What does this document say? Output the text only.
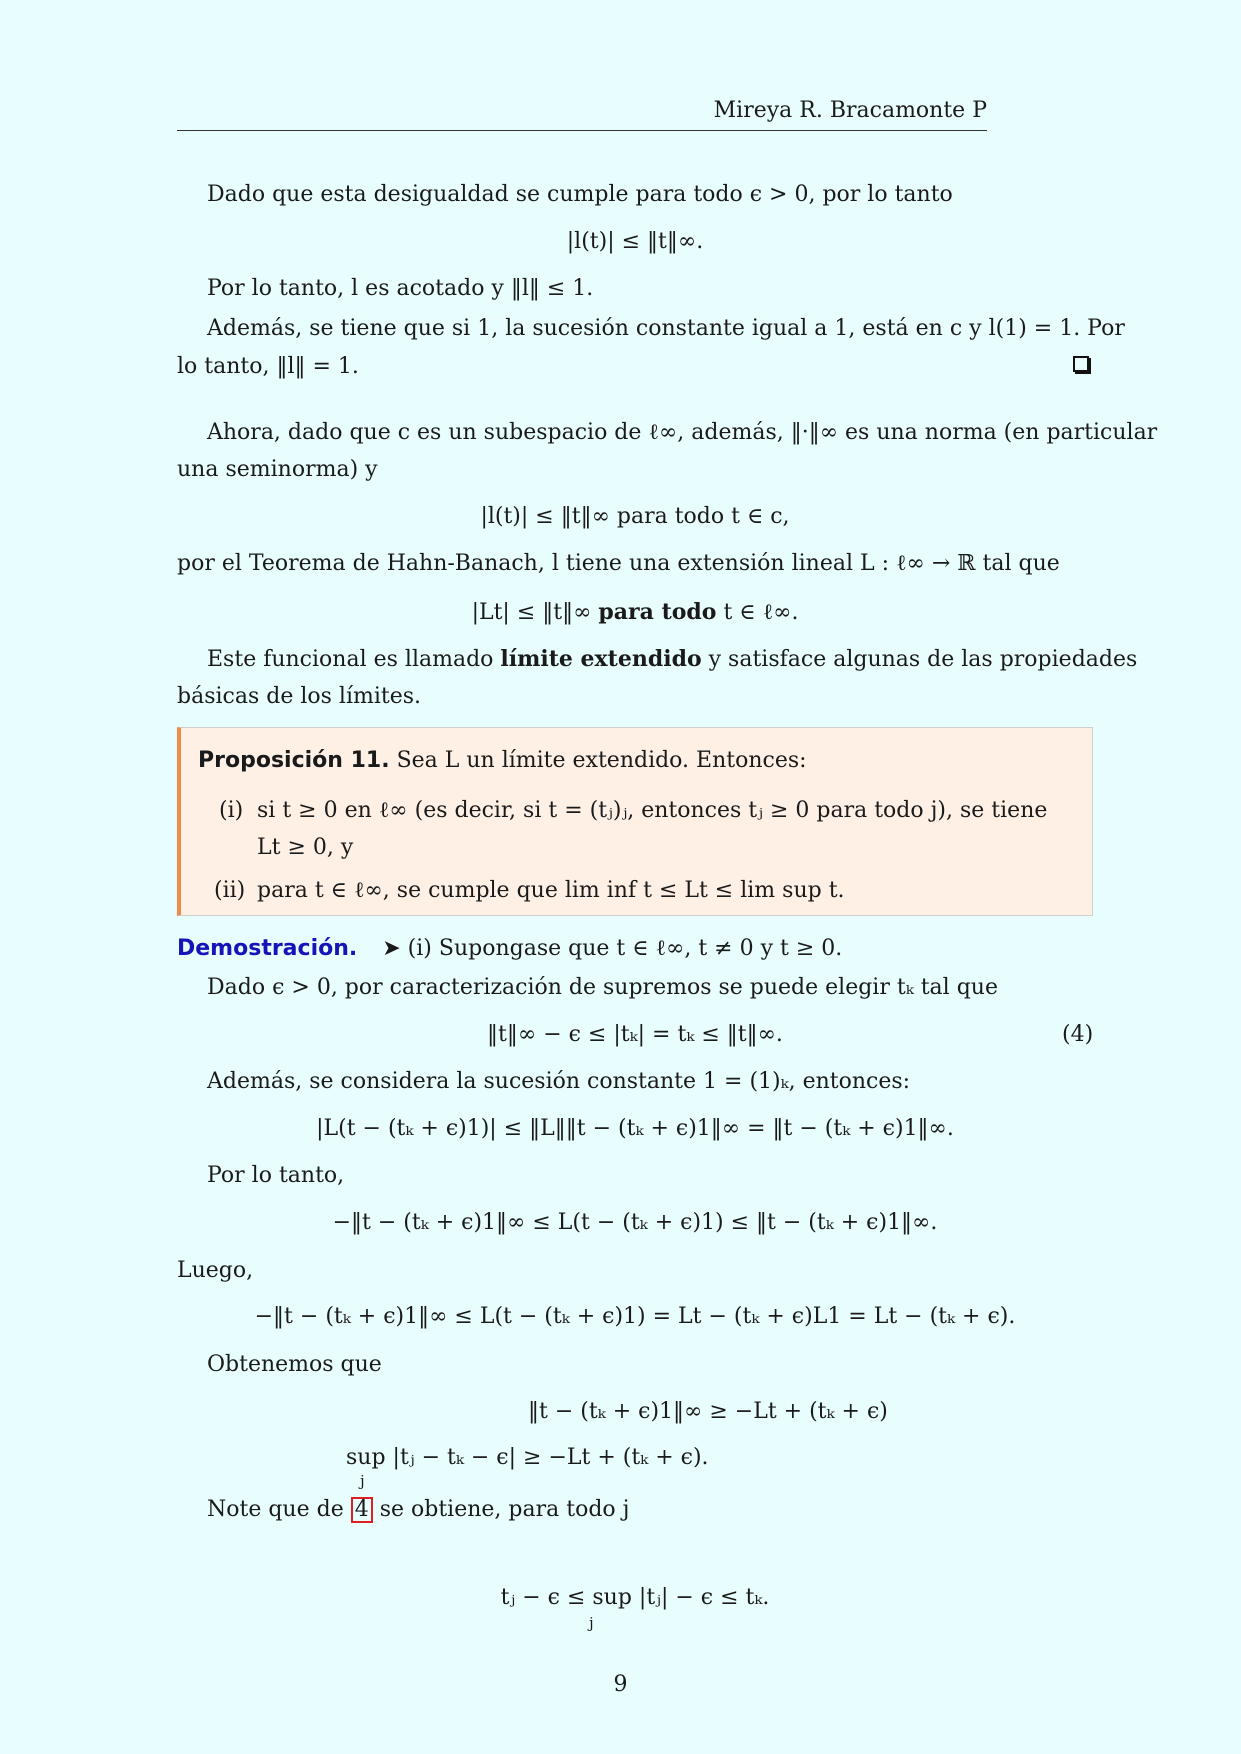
Mireya R. Bracamonte P
Dado que esta desigualdad se cumple para todo ϵ > 0, por lo tanto
|l(t)| ≤ ‖t‖∞.
Por lo tanto, l es acotado y ‖l‖ ≤ 1.
Además, se tiene que si 1, la sucesión constante igual a 1, está en c y l(1) = 1. Por
lo tanto, ‖l‖ = 1.
Ahora, dado que c es un subespacio de ℓ∞, además, ‖·‖∞ es una norma (en particular
una seminorma) y
|l(t)| ≤ ‖t‖∞ para todo t ∈ c,
por el Teorema de Hahn-Banach, l tiene una extensión lineal L : ℓ∞ → ℝ tal que
|Lt| ≤ ‖t‖∞ para todo t ∈ ℓ∞.
Este funcional es llamado límite extendido y satisface algunas de las propiedades
básicas de los límites.
Proposición 11. Sea L un límite extendido. Entonces:
(i) si t ≥ 0 en ℓ∞ (es decir, si t = (tⱼ)ⱼ, entonces tⱼ ≥ 0 para todo j), se tiene
Lt ≥ 0, y
(ii) para t ∈ ℓ∞, se cumple que lim inf t ≤ Lt ≤ lim sup t.
Demostración. ➤ (i) Supongase que t ∈ ℓ∞, t ≠ 0 y t ≥ 0.
Dado ϵ > 0, por caracterización de supremos se puede elegir tₖ tal que
‖t‖∞ − ϵ ≤ |tₖ| = tₖ ≤ ‖t‖∞.	(4)
Además, se considera la sucesión constante 1 = (1)ₖ, entonces:
|L(t − (tₖ + ϵ)1)| ≤ ‖L‖‖t − (tₖ + ϵ)1‖∞ = ‖t − (tₖ + ϵ)1‖∞.
Por lo tanto,
−‖t − (tₖ + ϵ)1‖∞ ≤ L(t − (tₖ + ϵ)1) ≤ ‖t − (tₖ + ϵ)1‖∞.
Luego,
−‖t − (tₖ + ϵ)1‖∞ ≤ L(t − (tₖ + ϵ)1) = Lt − (tₖ + ϵ)L1 = Lt − (tₖ + ϵ).
Obtenemos que
‖t − (tₖ + ϵ)1‖∞ ≥ −Lt + (tₖ + ϵ)
sup |tⱼ − tₖ − ϵ| ≥ −Lt + (tₖ + ϵ).
j
Note que de 4 se obtiene, para todo j
tⱼ − ϵ ≤ sup |tⱼ| − ϵ ≤ tₖ.
j
9
